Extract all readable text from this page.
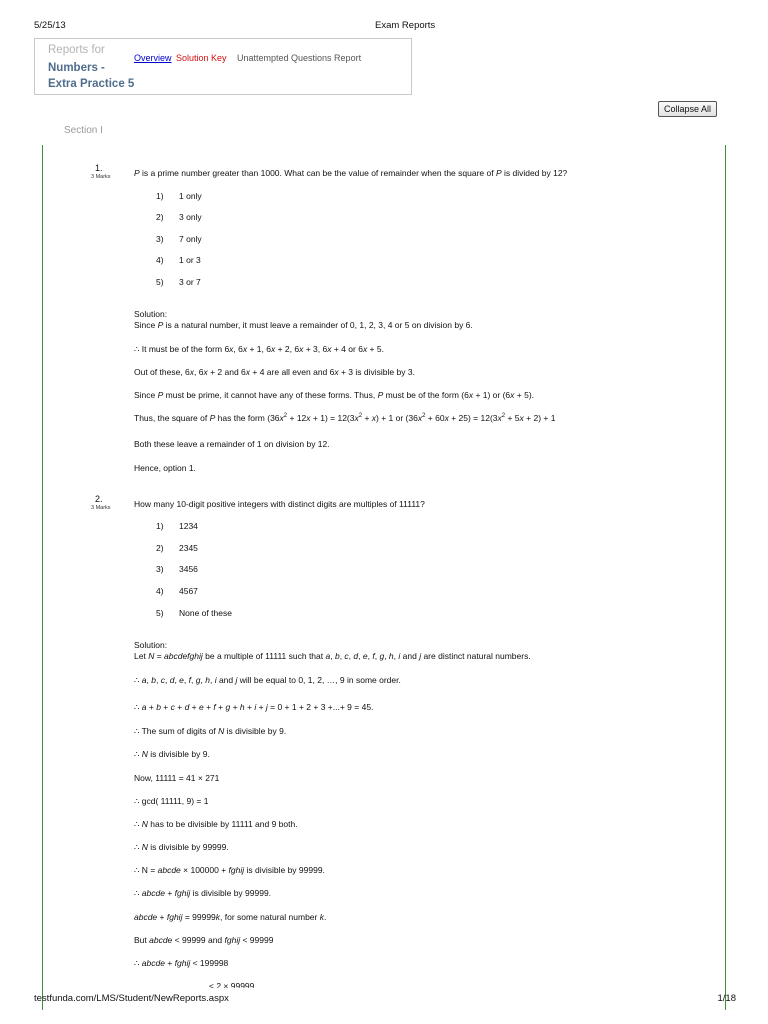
5/25/13	Exam Reports
Reports for
Numbers - Extra Practice 5
Overview Solution Key Unattempted Questions Report
Collapse All
Section I
1.
3 Marks	P is a prime number greater than 1000. What can be the value of remainder when the square of P is divided by 12?
1) 1 only
2) 3 only
3) 7 only
4) 1 or 3
5) 3 or 7
Solution:
Since P is a natural number, it must leave a remainder of 0, 1, 2, 3, 4 or 5 on division by 6.
∴ It must be of the form 6x, 6x + 1, 6x + 2, 6x + 3, 6x + 4 or 6x + 5.
Out of these, 6x, 6x + 2 and 6x + 4 are all even and 6x + 3 is divisible by 3.
Since P must be prime, it cannot have any of these forms. Thus, P must be of the form (6x + 1) or (6x + 5).
Thus, the square of P has the form $(36x^2 + 12x + 1) = 12(3x^2 + x) + 1$ or $(36x^2 + 60x + 25) = 12(3x^2 + 5x + 2) + 1$
Both these leave a remainder of 1 on division by 12.
Hence, option 1.
2.
3 Marks	How many 10-digit positive integers with distinct digits are multiples of 11111?
1) 1234
2) 2345
3) 3456
4) 4567
5) None of these
Solution:
Let N = abcdefghij be a multiple of 11111 such that a, b, c, d, e, f, g, h, i and j are distinct natural numbers.
∴ a, b, c, d, e, f, g, h, i and j will be equal to 0, 1, 2, …, 9 in some order.
∴ a + b + c + d + e + f + g + h + i + j = 0 + 1 + 2 + 3 +...+ 9 = 45.
∴ The sum of digits of N is divisible by 9.
∴ N is divisible by 9.
Now, 11111 = 41 × 271
∴ gcd( 11111, 9) = 1
∴ N has to be divisible by 11111 and 9 both.
∴ N is divisible by 99999.
∴ N = abcde × 100000 + fghij is divisible by 99999.
∴ abcde + fghij is divisible by 99999.
abcde + fghij = 99999k, for some natural number k.
But abcde < 99999 and fghij < 99999
∴ abcde + fghij < 199998
< 2 × 99999
testfunda.com/LMS/Student/NewReports.aspx	1/18
